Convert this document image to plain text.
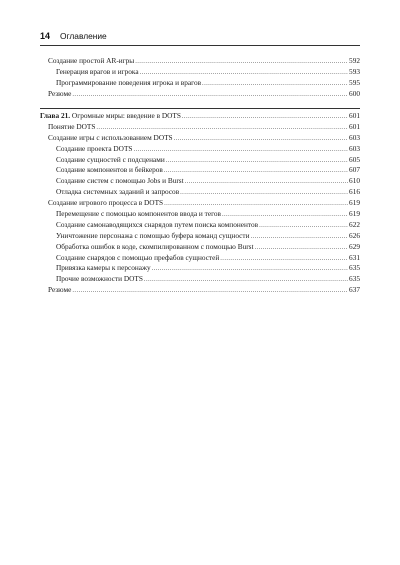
14 Оглавление
Создание простой AR-игры .....	592
Генерация врагов и игрока .....	593
Программирование поведения игрока и врагов .....	595
Резюме .....	600
Глава 21. Огромные миры: введение в DOTS .....	601
Понятие DOTS .....	601
Создание игры с использованием DOTS .....	603
Создание проекта DOTS .....	603
Создание сущностей с подсценами .....	605
Создание компонентов и бейкеров .....	607
Создание систем с помощью Jobs и Burst .....	610
Отладка системных заданий и запросов .....	616
Создание игрового процесса в DOTS .....	619
Перемещение с помощью компонентов ввода и тегов .....	619
Создание самонаводящихся снарядов путем поиска компонентов .....	622
Уничтожение персонажа с помощью буфера команд сущности .....	626
Обработка ошибок в коде, скомпилированном с помощью Burst .....	629
Создание снарядов с помощью префабов сущностей .....	631
Привязка камеры к персонажу .....	635
Прочие возможности DOTS .....	635
Резюме .....	637
